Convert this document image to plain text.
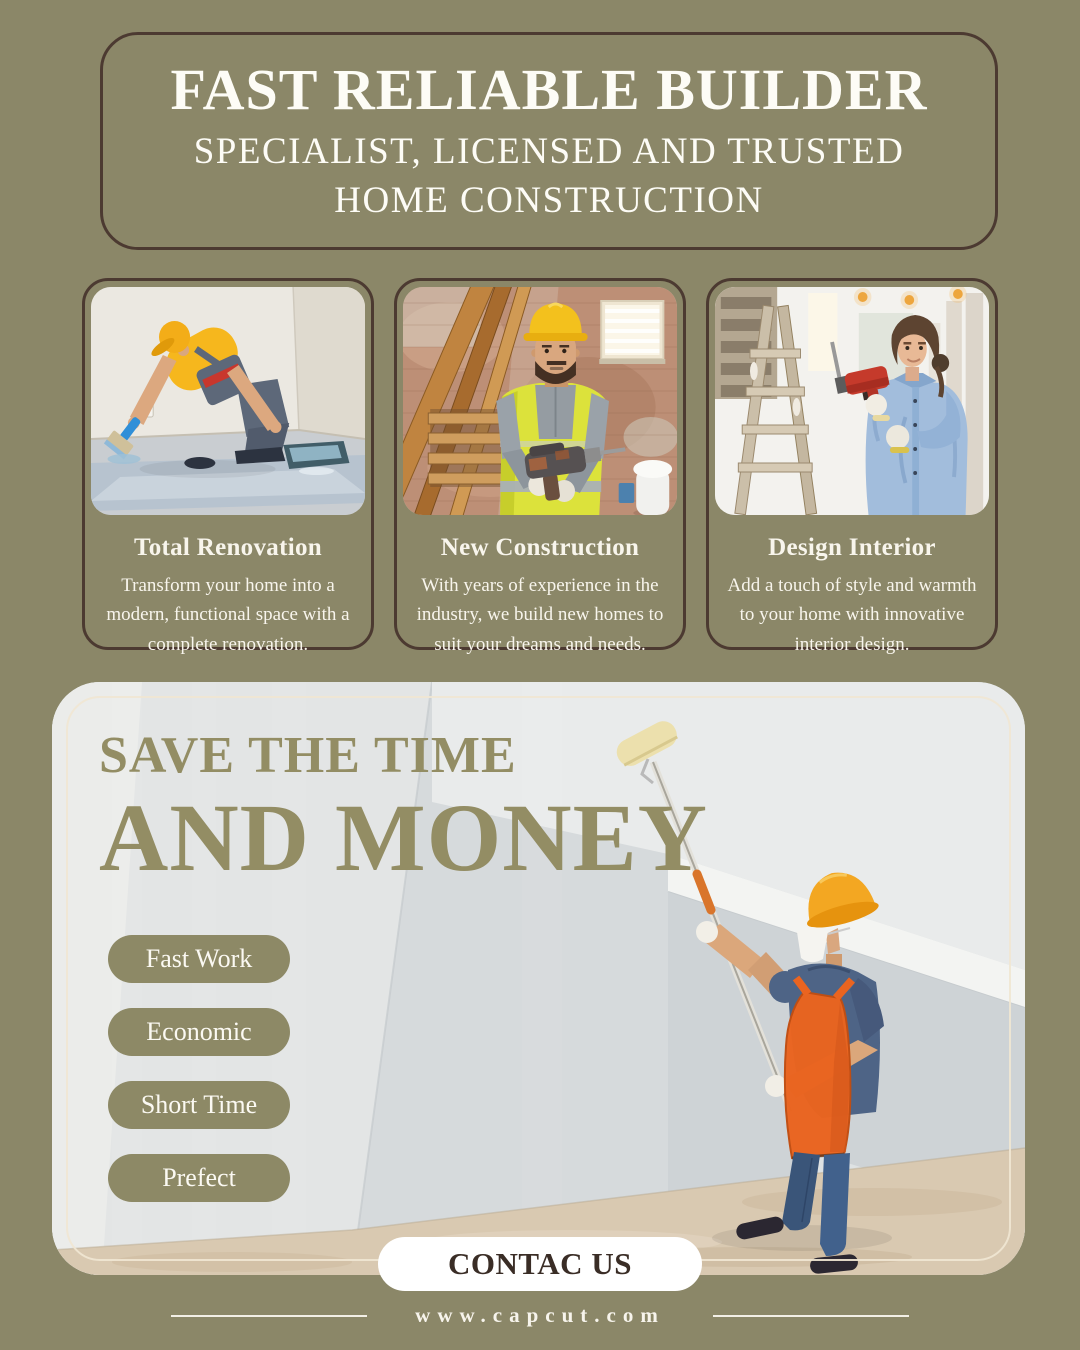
FAST RELIABLE BUILDER

SPECIALIST, LICENSED AND TRUSTED

HOME CONSTRUCTION

Total Renovation

Transform your home into a modern, functional space with a complete renovation.

New Construction

With years of experience in the industry, we build new homes to suit your dreams and needs.

Design Interior

Add a touch of style and warmth to your home with innovative interior design.

SAVE THE TIME
AND MONEY
Fast Work
Economic
Short Time
Prefect
CONTAC US
www.capcut.com
